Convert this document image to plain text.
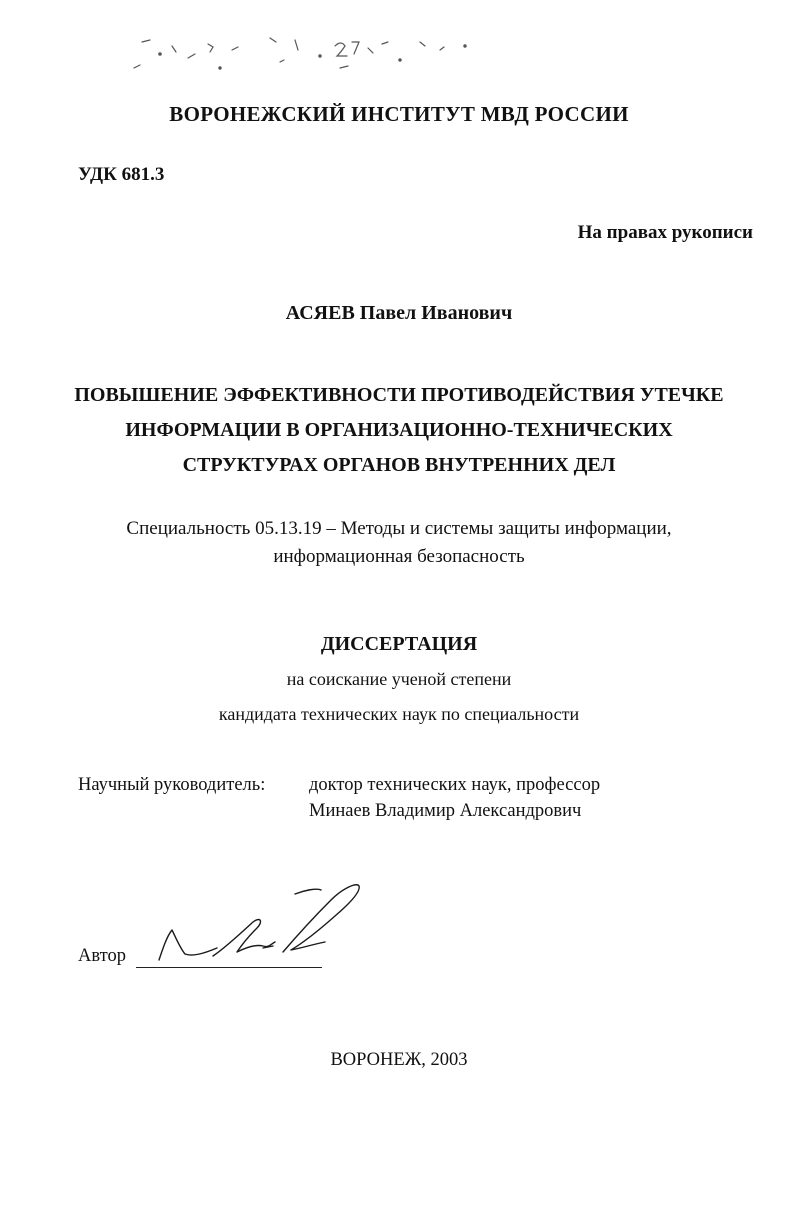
ВОРОНЕЖСКИЙ ИНСТИТУТ МВД РОССИИ
УДК 681.3
На правах рукописи
АСЯЕВ Павел Иванович
ПОВЫШЕНИЕ ЭФФЕКТИВНОСТИ ПРОТИВОДЕЙСТВИЯ УТЕЧКЕ
ИНФОРМАЦИИ В ОРГАНИЗАЦИОННО-ТЕХНИЧЕСКИХ
СТРУКТУРАХ ОРГАНОВ ВНУТРЕННИХ ДЕЛ
Специальность 05.13.19 – Методы и системы защиты информации,
информационная безопасность
ДИССЕРТАЦИЯ
на соискание ученой степени
кандидата технических наук по специальности
Научный руководитель: доктор технических наук, профессор
Минаев Владимир Александрович
Автор
ВОРОНЕЖ, 2003
